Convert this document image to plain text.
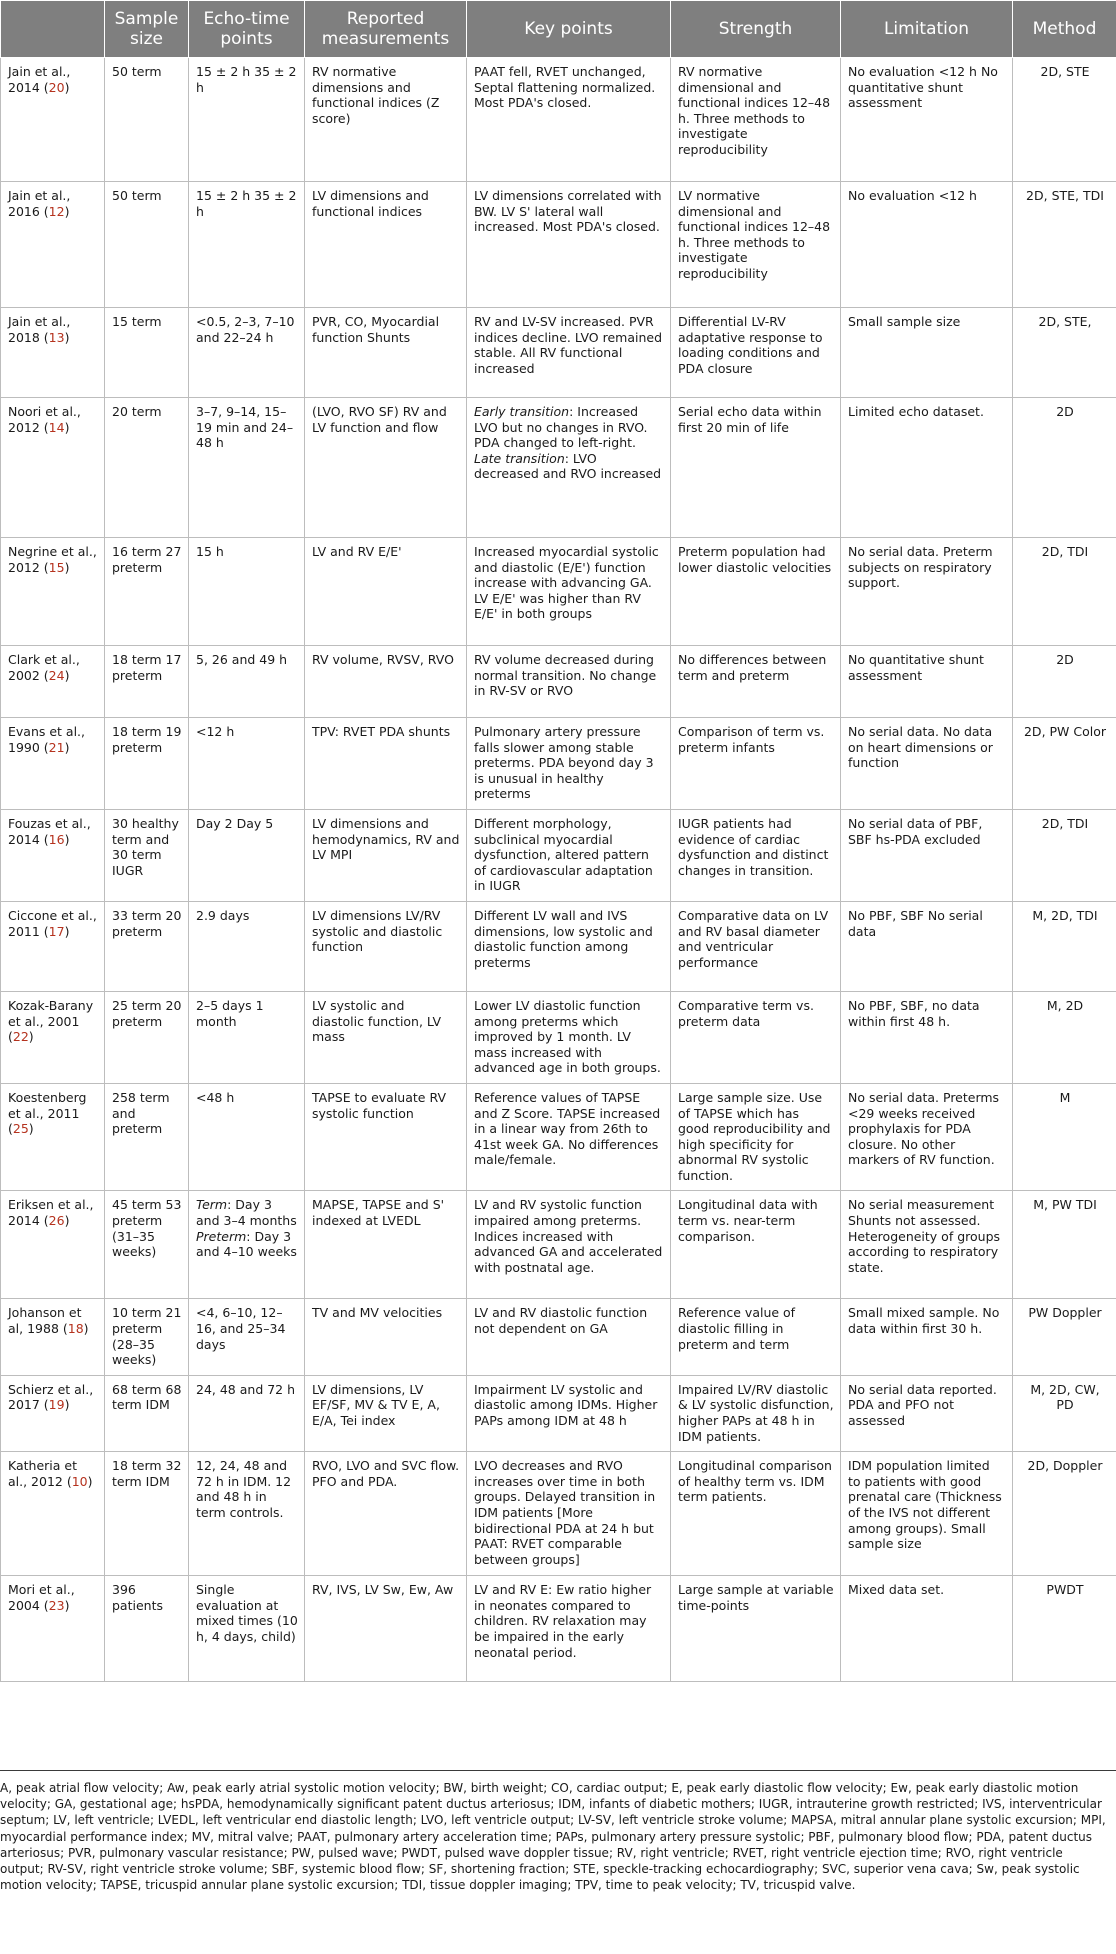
	Sample size	Echo-time points	Reported measurements	Key points	Strength	Limitation	Method
Jain et al., 2014 (20)	50 term	15 ± 2 h 35 ± 2 h	RV normative dimensions and functional indices (Z score)	PAAT fell, RVET unchanged, Septal flattening normalized. Most PDA's closed.	RV normative dimensional and functional indices 12–48 h. Three methods to investigate reproducibility	No evaluation <12 h No quantitative shunt assessment	2D, STE
Jain et al., 2016 (12)	50 term	15 ± 2 h 35 ± 2 h	LV dimensions and functional indices	LV dimensions correlated with BW. LV S' lateral wall increased. Most PDA's closed.	LV normative dimensional and functional indices 12–48 h. Three methods to investigate reproducibility	No evaluation <12 h	2D, STE, TDI
Jain et al., 2018 (13)	15 term	<0.5, 2–3, 7–10 and 22–24 h	PVR, CO, Myocardial function Shunts	RV and LV-SV increased. PVR indices decline. LVO remained stable. All RV functional increased	Differential LV-RV adaptative response to loading conditions and PDA closure	Small sample size	2D, STE,
Noori et al., 2012 (14)	20 term	3–7, 9–14, 15–19 min and 24–48 h	(LVO, RVO SF) RV and LV function and flow	Early transition: Increased LVO but no changes in RVO. PDA changed to left-right. Late transition: LVO decreased and RVO increased	Serial echo data within first 20 min of life	Limited echo dataset.	2D
Negrine et al., 2012 (15)	16 term 27 preterm	15 h	LV and RV E/E'	Increased myocardial systolic and diastolic (E/E') function increase with advancing GA. LV E/E' was higher than RV E/E' in both groups	Preterm population had lower diastolic velocities	No serial data. Preterm subjects on respiratory support.	2D, TDI
Clark et al., 2002 (24)	18 term 17 preterm	5, 26 and 49 h	RV volume, RVSV, RVO	RV volume decreased during normal transition. No change in RV-SV or RVO	No differences between term and preterm	No quantitative shunt assessment	2D
Evans et al., 1990 (21)	18 term 19 preterm	<12 h	TPV: RVET PDA shunts	Pulmonary artery pressure falls slower among stable preterms. PDA beyond day 3 is unusual in healthy preterms	Comparison of term vs. preterm infants	No serial data. No data on heart dimensions or function	2D, PW Color
Fouzas et al., 2014 (16)	30 healthy term and 30 term IUGR	Day 2 Day 5	LV dimensions and hemodynamics, RV and LV MPI	Different morphology, subclinical myocardial dysfunction, altered pattern of cardiovascular adaptation in IUGR	IUGR patients had evidence of cardiac dysfunction and distinct changes in transition.	No serial data of PBF, SBF hs-PDA excluded	2D, TDI
Ciccone et al., 2011 (17)	33 term 20 preterm	2.9 days	LV dimensions LV/RV systolic and diastolic function	Different LV wall and IVS dimensions, low systolic and diastolic function among preterms	Comparative data on LV and RV basal diameter and ventricular performance	No PBF, SBF No serial data	M, 2D, TDI
Kozak-Barany et al., 2001 (22)	25 term 20 preterm	2–5 days 1 month	LV systolic and diastolic function, LV mass	Lower LV diastolic function among preterms which improved by 1 month. LV mass increased with advanced age in both groups.	Comparative term vs. preterm data	No PBF, SBF, no data within first 48 h.	M, 2D
Koestenberg et al., 2011 (25)	258 term and preterm	<48 h	TAPSE to evaluate RV systolic function	Reference values of TAPSE and Z Score. TAPSE increased in a linear way from 26th to 41st week GA. No differences male/female.	Large sample size. Use of TAPSE which has good reproducibility and high specificity for abnormal RV systolic function.	No serial data. Preterms <29 weeks received prophylaxis for PDA closure. No other markers of RV function.	M
Eriksen et al., 2014 (26)	45 term 53 preterm (31–35 weeks)	Term: Day 3 and 3–4 months Preterm: Day 3 and 4–10 weeks	MAPSE, TAPSE and S' indexed at LVEDL	LV and RV systolic function impaired among preterms. Indices increased with advanced GA and accelerated with postnatal age.	Longitudinal data with term vs. near-term comparison.	No serial measurement Shunts not assessed. Heterogeneity of groups according to respiratory state.	M, PW TDI
Johanson et al, 1988 (18)	10 term 21 preterm (28–35 weeks)	<4, 6–10, 12–16, and 25–34 days	TV and MV velocities	LV and RV diastolic function not dependent on GA	Reference value of diastolic filling in preterm and term	Small mixed sample. No data within first 30 h.	PW Doppler
Schierz et al., 2017 (19)	68 term 68 term IDM	24, 48 and 72 h	LV dimensions, LV EF/SF, MV & TV E, A, E/A, Tei index	Impairment LV systolic and diastolic among IDMs. Higher PAPs among IDM at 48 h	Impaired LV/RV diastolic & LV systolic disfunction, higher PAPs at 48 h in IDM patients.	No serial data reported. PDA and PFO not assessed	M, 2D, CW, PD
Katheria et al., 2012 (10)	18 term 32 term IDM	12, 24, 48 and 72 h in IDM. 12 and 48 h in term controls.	RVO, LVO and SVC flow. PFO and PDA.	LVO decreases and RVO increases over time in both groups. Delayed transition in IDM patients [More bidirectional PDA at 24 h but PAAT: RVET comparable between groups]	Longitudinal comparison of healthy term vs. IDM term patients.	IDM population limited to patients with good prenatal care (Thickness of the IVS not different among groups). Small sample size	2D, Doppler
Mori et al., 2004 (23)	396 patients	Single evaluation at mixed times (10 h, 4 days, child)	RV, IVS, LV Sw, Ew, Aw	LV and RV E: Ew ratio higher in neonates compared to children. RV relaxation may be impaired in the early neonatal period.	Large sample at variable time-points	Mixed data set.	PWDT
A, peak atrial flow velocity; Aw, peak early atrial systolic motion velocity; BW, birth weight; CO, cardiac output; E, peak early diastolic flow velocity; Ew, peak early diastolic motion velocity; GA, gestational age; hsPDA, hemodynamically significant patent ductus arteriosus; IDM, infants of diabetic mothers; IUGR, intrauterine growth restricted; IVS, interventricular septum; LV, left ventricle; LVEDL, left ventricular end diastolic length; LVO, left ventricle output; LV-SV, left ventricle stroke volume; MAPSA, mitral annular plane systolic excursion; MPI, myocardial performance index; MV, mitral valve; PAAT, pulmonary artery acceleration time; PAPs, pulmonary artery pressure systolic; PBF, pulmonary blood flow; PDA, patent ductus arteriosus; PVR, pulmonary vascular resistance; PW, pulsed wave; PWDT, pulsed wave doppler tissue; RV, right ventricle; RVET, right ventricle ejection time; RVO, right ventricle output; RV-SV, right ventricle stroke volume; SBF, systemic blood flow; SF, shortening fraction; STE, speckle-tracking echocardiography; SVC, superior vena cava; Sw, peak systolic motion velocity; TAPSE, tricuspid annular plane systolic excursion; TDI, tissue doppler imaging; TPV, time to peak velocity; TV, tricuspid valve.
